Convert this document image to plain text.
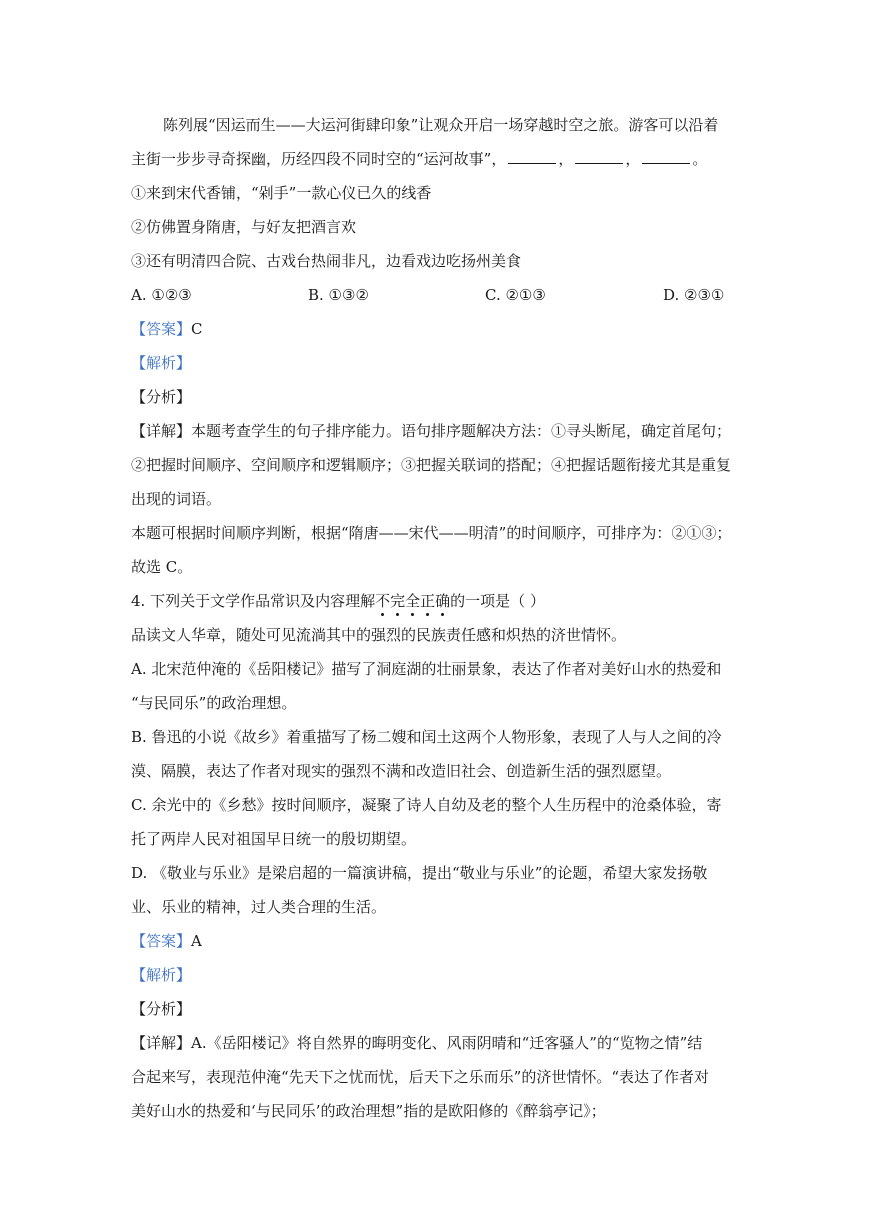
陈列展“因运而生——大运河街肆印象”让观众开启一场穿越时空之旅。游客可以沿着
主街一步步寻奇探幽，历经四段不同时空的“运河故事”，	，	，	。
①来到宋代香铺，“剁手”一款心仪已久的线香
②仿佛置身隋唐，与好友把酒言欢
③还有明清四合院、古戏台热闹非凡，边看戏边吃扬州美食
A. ①②③	B. ①③②	C. ②①③	D. ②③①
【答案】C
【解析】
【分析】
【详解】本题考查学生的句子排序能力。语句排序题解决方法：①寻头断尾，确定首尾句；
②把握时间顺序、空间顺序和逻辑顺序；③把握关联词的搭配；④把握话题衔接尤其是重复
出现的词语。
本题可根据时间顺序判断，根据“隋唐——宋代——明清”的时间顺序，可排序为：②①③；
故选 C。
4. 下列关于文学作品常识及内容理解不
完
全
正
确
的一项是（ ）
品读文人华章，随处可见流淌其中的强烈的民族责任感和炽热的济世情怀。
A. 北宋范仲淹的《岳阳楼记》描写了洞庭湖的壮丽景象，表达了作者对美好山水的热爱和
“与民同乐”的政治理想。
B. 鲁迅的小说《故乡》着重描写了杨二嫂和闰土这两个人物形象，表现了人与人之间的冷
漠、隔膜，表达了作者对现实的强烈不满和改造旧社会、创造新生活的强烈愿望。
C. 余光中的《乡愁》按时间顺序，凝聚了诗人自幼及老的整个人生历程中的沧桑体验，寄
托了两岸人民对祖国早日统一的殷切期望。
D. 《敬业与乐业》是梁启超的一篇演讲稿，提出“敬业与乐业”的论题，希望大家发扬敬
业、乐业的精神，过人类合理的生活。
【答案】A
【解析】
【分析】
【详解】A.《岳阳楼记》将自然界的晦明变化、风雨阴晴和“迁客骚人”的“览物之情”结
合起来写，表现范仲淹“先天下之忧而忧，后天下之乐而乐”的济世情怀。“表达了作者对
美好山水的热爱和‘与民同乐’的政治理想”指的是欧阳修的《醉翁亭记》；
